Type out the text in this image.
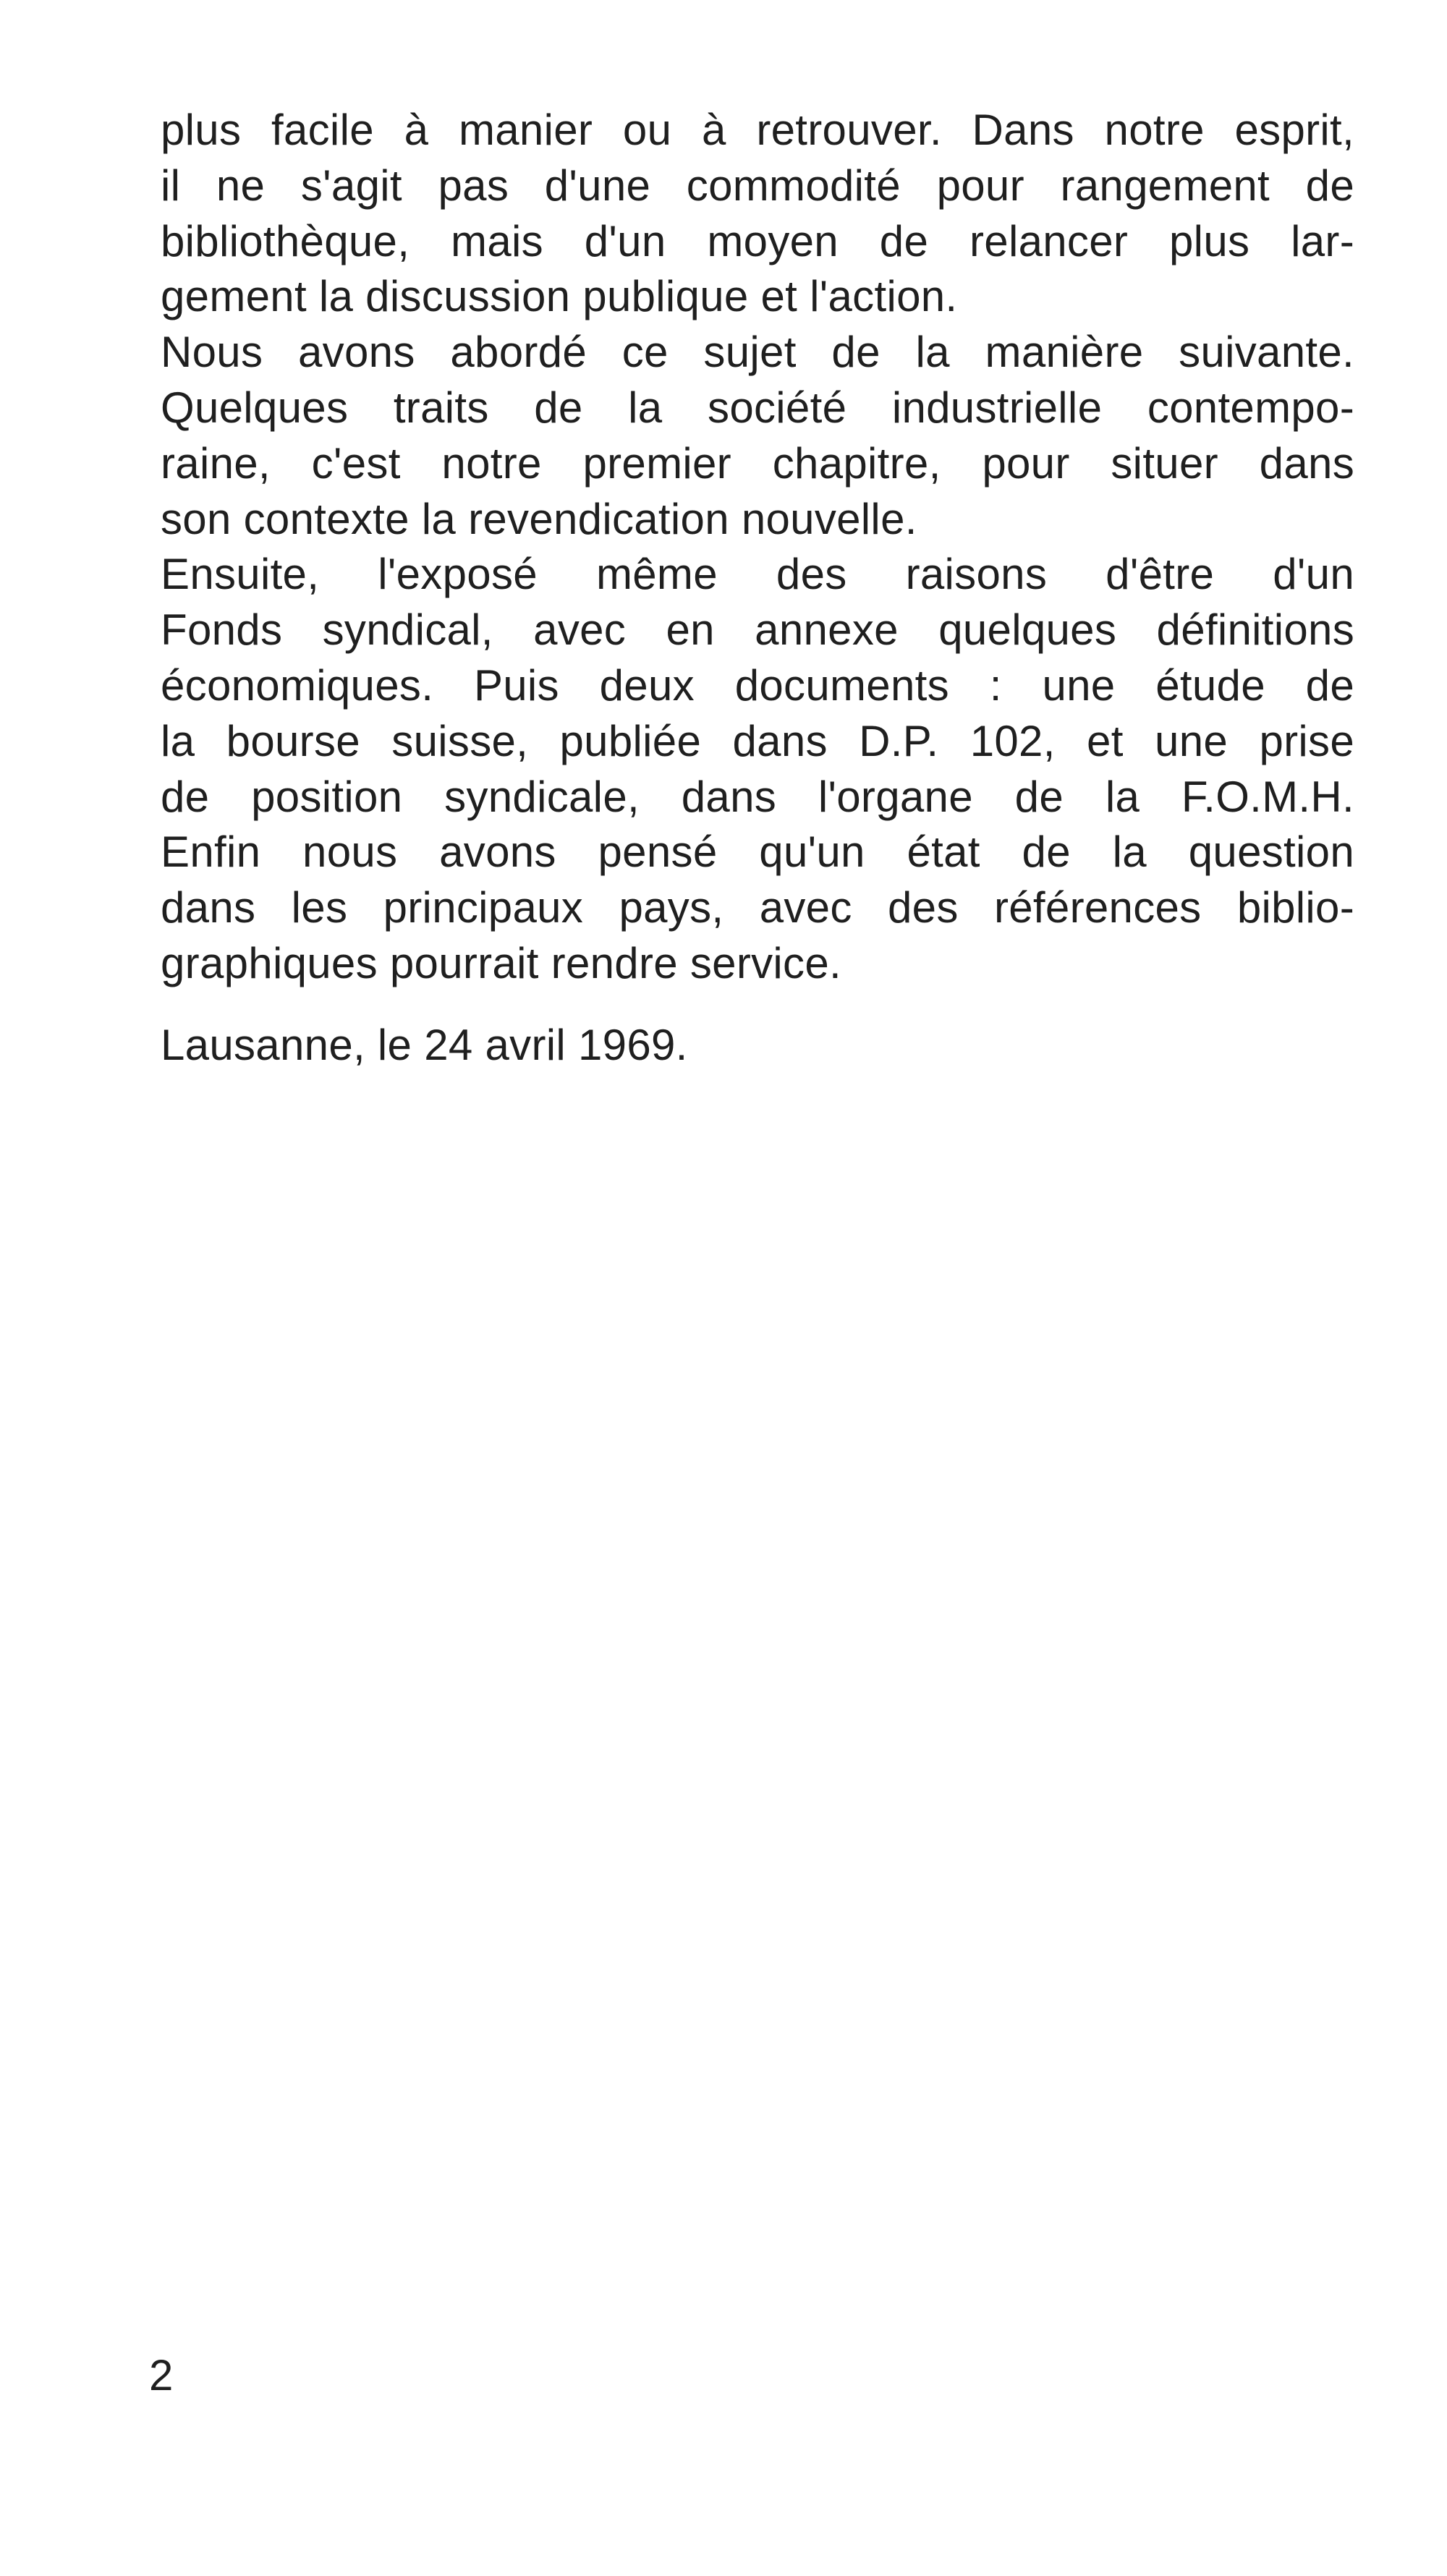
plus facile à manier ou à retrouver. Dans notre esprit,
il ne s'agit pas d'une commodité pour rangement de
bibliothèque, mais d'un moyen de relancer plus lar-
gement la discussion publique et l'action.
Nous avons abordé ce sujet de la manière suivante.
Quelques traits de la société industrielle contempo-
raine, c'est notre premier chapitre, pour situer dans
son contexte la revendication nouvelle.
Ensuite, l'exposé même des raisons d'être d'un
Fonds syndical, avec en annexe quelques définitions
économiques. Puis deux documents : une étude de
la bourse suisse, publiée dans D.P. 102, et une prise
de position syndicale, dans l'organe de la F.O.M.H.
Enfin nous avons pensé qu'un état de la question
dans les principaux pays, avec des références biblio-
graphiques pourrait rendre service.
Lausanne, le 24 avril 1969.
2
